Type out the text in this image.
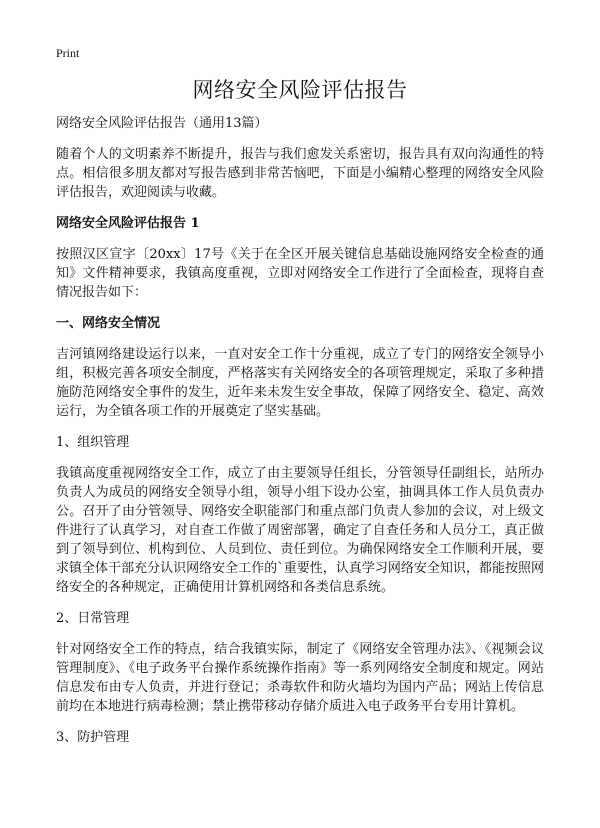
Print

网络安全风险评估报告

网络安全风险评估报告（通用13篇）

随着个人的文明素养不断提升，报告与我们愈发关系密切，报告具有双向沟通性的特点。相信很多朋友都对写报告感到非常苦恼吧，下面是小编精心整理的网络安全风险评估报告，欢迎阅读与收藏。

网络安全风险评估报告 1

按照汉区宣字〔20xx〕17号《关于在全区开展关键信息基础设施网络安全检查的通知》文件精神要求，我镇高度重视，立即对网络安全工作进行了全面检查，现将自查情况报告如下：

一、网络安全情况

吉河镇网络建设运行以来，一直对安全工作十分重视，成立了专门的网络安全领导小组，积极完善各项安全制度，严格落实有关网络安全的各项管理规定，采取了多种措施防范网络安全事件的发生，近年来未发生安全事故，保障了网络安全、稳定、高效运行，为全镇各项工作的开展奠定了坚实基础。

1、组织管理

我镇高度重视网络安全工作，成立了由主要领导任组长，分管领导任副组长，站所办负责人为成员的网络安全领导小组，领导小组下设办公室，抽调具体工作人员负责办公。召开了由分管领导、网络安全职能部门和重点部门负责人参加的会议，对上级文件进行了认真学习，对自查工作做了周密部署，确定了自查任务和人员分工，真正做到了领导到位、机构到位、人员到位、责任到位。为确保网络安全工作顺利开展，要求镇全体干部充分认识网络安全工作的`重要性，认真学习网络安全知识，都能按照网络安全的各种规定，正确使用计算机网络和各类信息系统。

2、日常管理

针对网络安全工作的特点，结合我镇实际，制定了《网络安全管理办法》、《视频会议管理制度》、《电子政务平台操作系统操作指南》等一系列网络安全制度和规定。网站信息发布由专人负责，并进行登记；杀毒软件和防火墙均为国内产品；网站上传信息前均在本地进行病毒检测；禁止携带移动存储介质进入电子政务平台专用计算机。

3、防护管理
